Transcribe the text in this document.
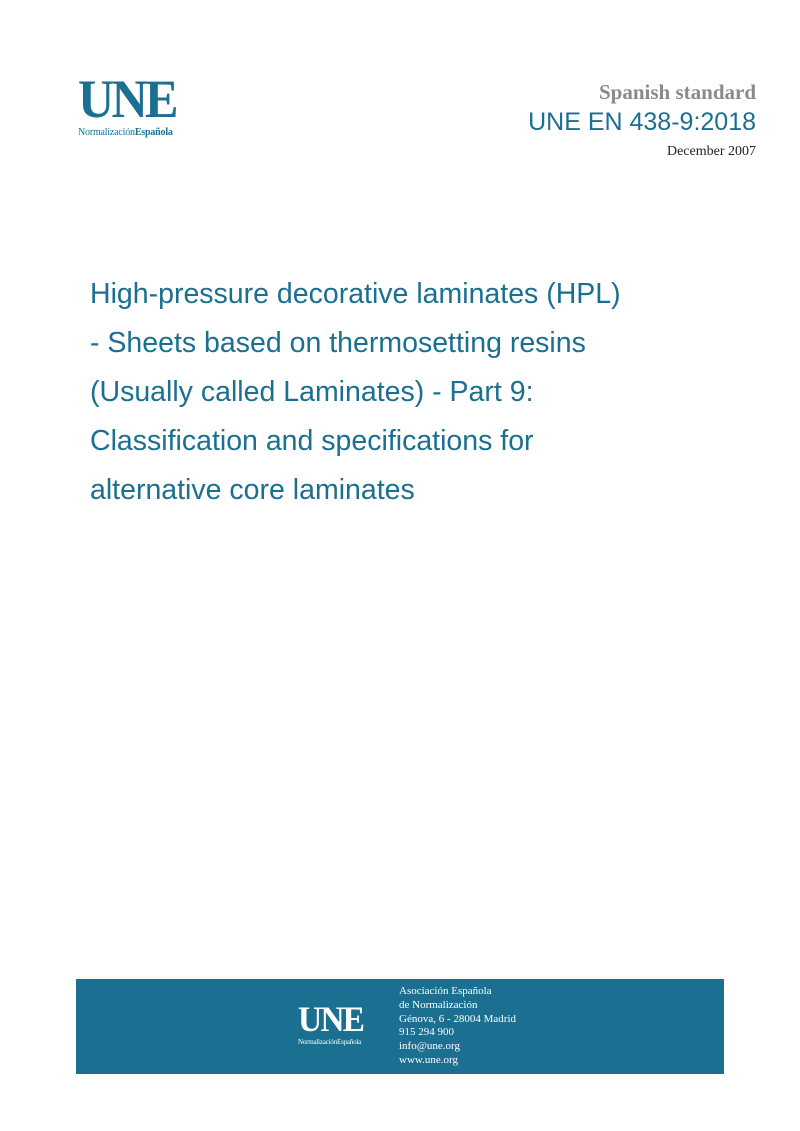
UNE
NormalizaciónEspañola
Spanish standard
UNE EN 438-9:2018
December 2007
High-pressure decorative laminates (HPL)
- Sheets based on thermosetting resins
(Usually called Laminates) - Part 9:
Classification and specifications for
alternative core laminates
UNE
NormalizaciónEspañola
Asociación Española
de Normalización
Génova, 6 - 28004 Madrid
915 294 900
info@une.org
www.une.org
